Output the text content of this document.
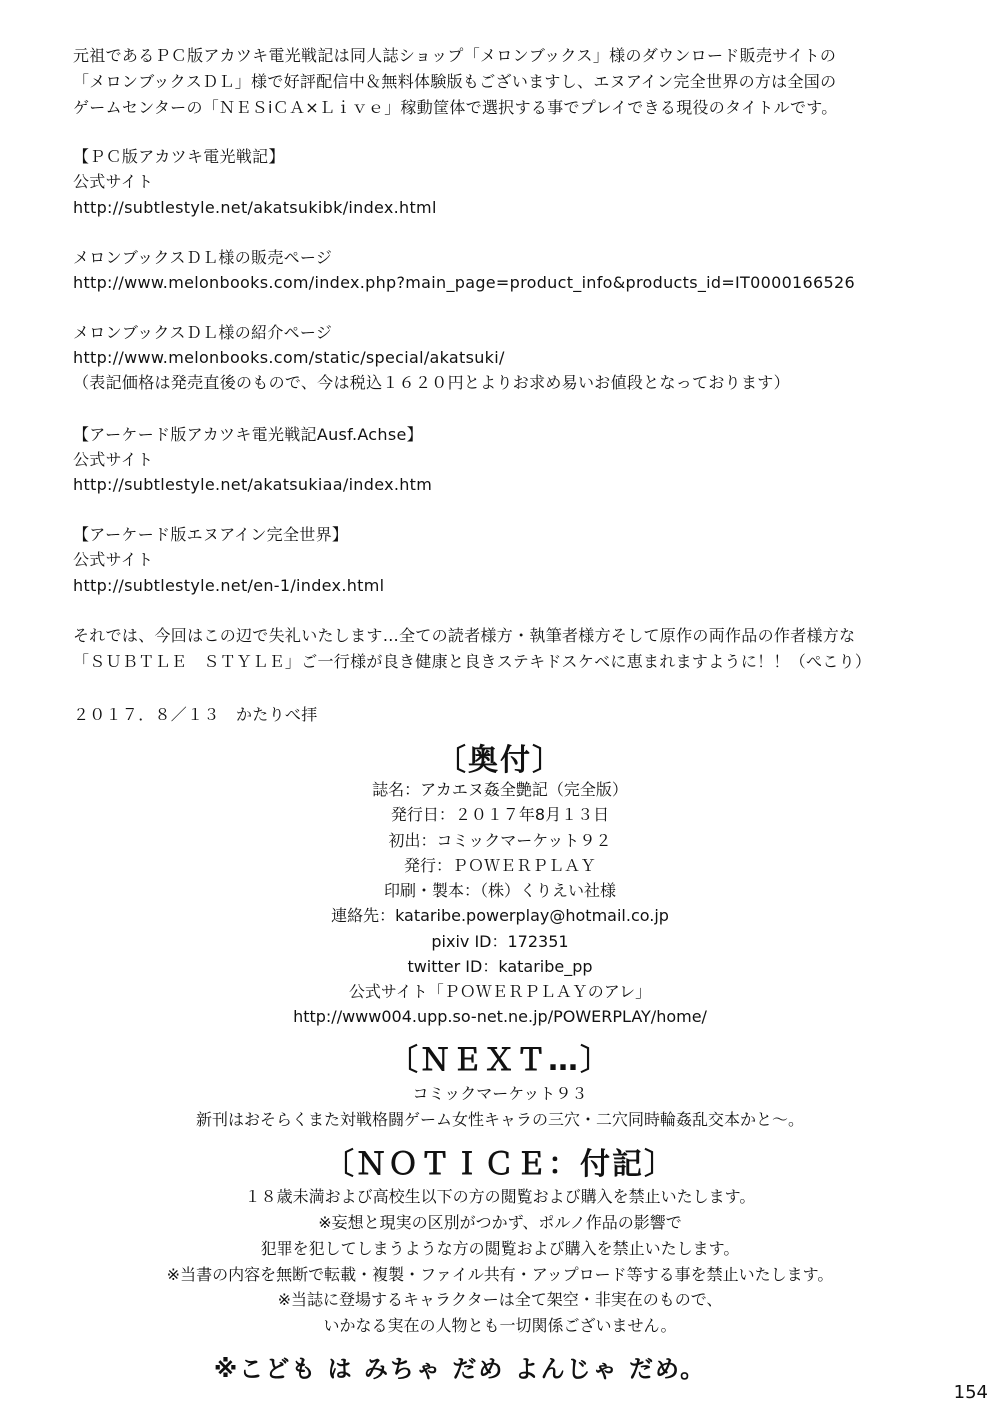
元祖であるＰＣ版アカツキ電光戦記は同人誌ショップ「メロンブックス」様のダウンロード販売サイトの
「メロンブックスＤＬ」様で好評配信中＆無料体験版もございますし、エヌアイン完全世界の方は全国の
ゲームセンターの「ＮＥＳiＣＡ×Ｌｉｖｅ」稼動筐体で選択する事でプレイできる現役のタイトルです。
【ＰＣ版アカツキ電光戦記】
公式サイト
http://subtlestyle.net/akatsukibk/index.html
メロンブックスＤＬ様の販売ページ
http://www.melonbooks.com/index.php?main_page=product_info&products_id=IT0000166526
メロンブックスＤＬ様の紹介ページ
http://www.melonbooks.com/static/special/akatsuki/
（表記価格は発売直後のもので、今は税込１６２０円とよりお求め易いお値段となっております）
【アーケード版アカツキ電光戦記Ausf.Achse】
公式サイト
http://subtlestyle.net/akatsukiaa/index.htm
【アーケード版エヌアイン完全世界】
公式サイト
http://subtlestyle.net/en-1/index.html
それでは、今回はこの辺で失礼いたします…全ての読者様方・執筆者様方そして原作の両作品の作者様方な
「ＳＵＢＴＬＥ　ＳＴＹＬＥ」ご一行様が良き健康と良きステキドスケベに恵まれますように！！（ぺこり）
２０１７．８／１３　かたりべ拝
〔奥付〕
誌名：アカエヌ姦全艶記（完全版）
発行日：２０１７年8月１３日
初出：コミックマーケット９２
発行：ＰＯＷＥＲＰＬＡＹ
印刷・製本：（株）くりえい社様
連絡先：kataribe.powerplay@hotmail.co.jp
pixiv ID：172351
twitter ID：kataribe_pp
公式サイト「ＰＯＷＥＲＰＬＡＹのアレ」
http://www004.upp.so-net.ne.jp/POWERPLAY/home/
〔ＮＥＸＴ…〕
コミックマーケット９３
新刊はおそらくまた対戦格闘ゲーム女性キャラの三穴・二穴同時輪姦乱交本かと〜。
〔ＮＯＴＩＣＥ：付記〕
１８歳未満および高校生以下の方の閲覧および購入を禁止いたします。
※妄想と現実の区別がつかず、ポルノ作品の影響で
犯罪を犯してしまうような方の閲覧および購入を禁止いたします。
※当書の内容を無断で転載・複製・ファイル共有・アップロード等する事を禁止いたします。
※当誌に登場するキャラクターは全て架空・非実在のもので、
いかなる実在の人物とも一切関係ございません。
※こども は みちゃ だめ よんじゃ だめ。
154
